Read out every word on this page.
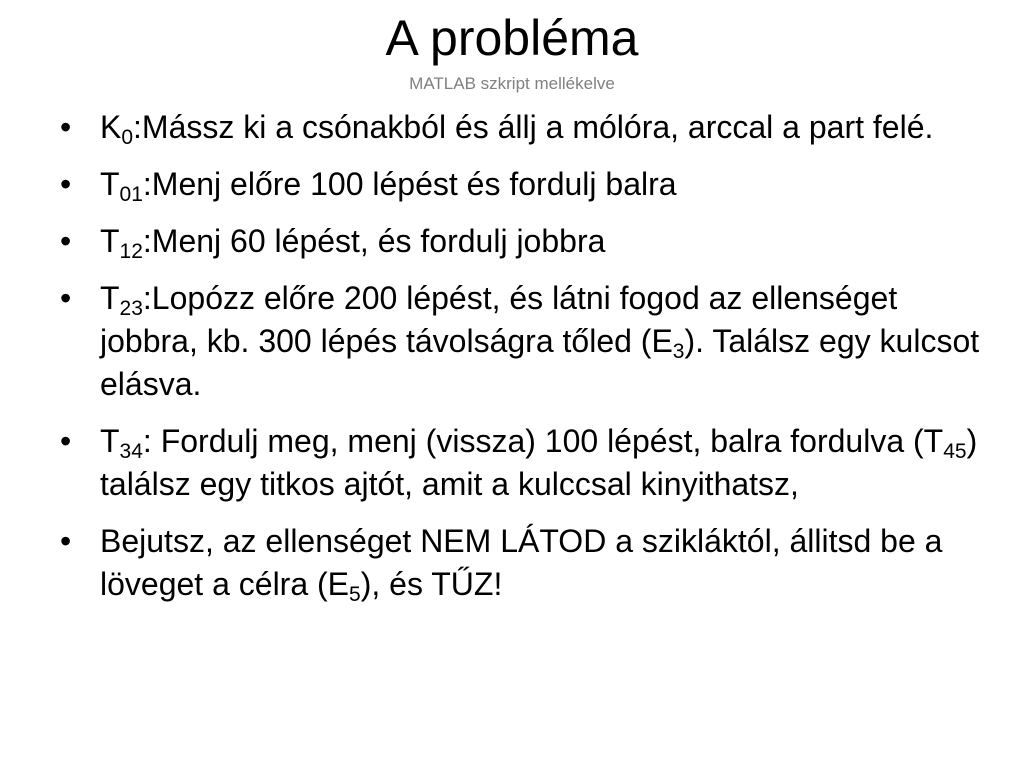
A probléma
MATLAB szkript mellékelve
• $K_0:Mássz$ ki a csónakból és állj a mólóra, arccal a part felé.
• $T_{01}:Menj$ előre 100 lépést és fordulj balra
• $T_{12}:Menj$ 60 lépést, és fordulj jobbra
• $T_{23}:Lopózz$ előre 200 lépést, és látni fogod az ellenséget jobbra, kb. 300 lépés távolságra tőled $(E_3)$. Találsz egy kulcsot elásva.
• $T_{34}$: Fordulj meg, menj (vissza) 100 lépést, balra fordulva $(T_{45})$ találsz egy titkos ajtót, amit a kulccsal kinyithatsz,
• Bejutsz, az ellenséget NEM LÁTOD a szikláktól, állitsd be a löveget a célra $(E_5)$, és TŰZ!
